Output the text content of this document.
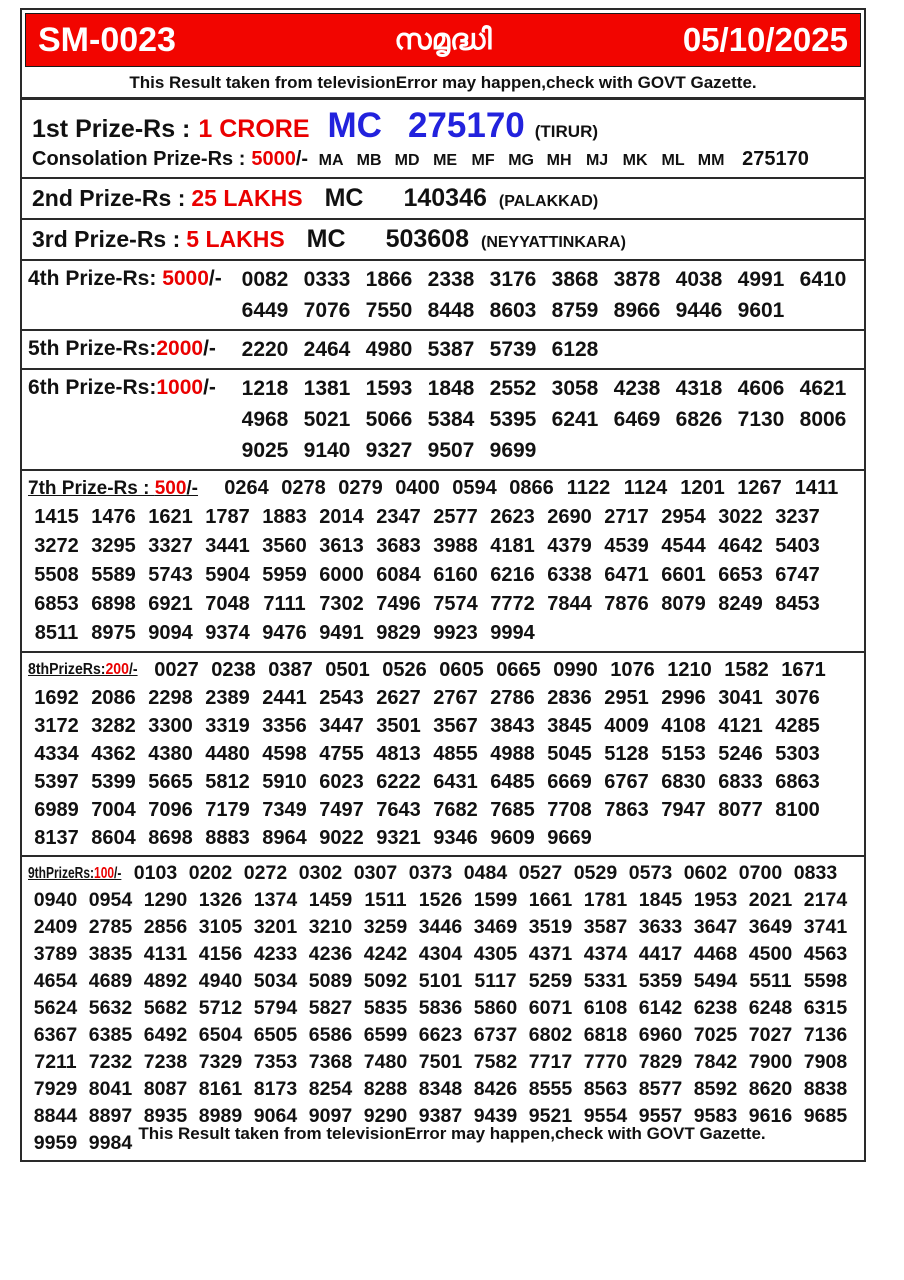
SM-0023	സമൃദ്ധി	05/10/2025
This Result taken from televisionError may happen,check with GOVT Gazette.
1st Prize-Rs : 1 CRORE MC 275170 (TIRUR)
Consolation Prize-Rs : 5000 /- MA MB MD ME MF MG MH MJ MK ML MM 275170
2nd Prize-Rs : 25 LAKHS MC 140346 (PALAKKAD)
3rd Prize-Rs : 5 LAKHS MC 503608 (NEYYATTINKARA)
4th Prize-Rs: 5000/- 0082 0333 1866 2338 3176 3868 3878 4038 4991 6410
6449 7076 7550 8448 8603 8759 8966 9446 9601
5th Prize-Rs:2000/-	2220 2464 4980 5387 5739 6128
6th Prize-Rs:1000/-	1218 1381 1593 1848 2552 3058 4238 4318 4606 4621
4968 5021 5066 5384 5395 6241 6469 6826 7130 8006
9025 9140 9327 9507 9699
7th Prize-Rs : 500/-	0264 0278 0279 0400 0594 0866 1122 1124 1201 1267 1411
1415 1476 1621 1787 1883 2014 2347 2577 2623 2690 2717 2954 3022 3237
3272 3295 3327 3441 3560 3613 3683 3988 4181 4379 4539 4544 4642 5403
5508 5589 5743 5904 5959 6000 6084 6160 6216 6338 6471 6601 6653 6747
6853 6898 6921 7048 7111 7302 7496 7574 7772 7844 7876 8079 8249 8453
8511 8975 9094 9374 9476 9491 9829 9923 9994
8thPrizeRs:200/- 0027 0238 0387 0501 0526 0605 0665 0990 1076 1210 1582 1671
1692 2086 2298 2389 2441 2543 2627 2767 2786 2836 2951 2996 3041 3076
3172 3282 3300 3319 3356 3447 3501 3567 3843 3845 4009 4108 4121 4285
4334 4362 4380 4480 4598 4755 4813 4855 4988 5045 5128 5153 5246 5303
5397 5399 5665 5812 5910 6023 6222 6431 6485 6669 6767 6830 6833 6863
6989 7004 7096 7179 7349 7497 7643 7682 7685 7708 7863 7947 8077 8100
8137 8604 8698 8883 8964 9022 9321 9346 9609 9669
9thPrizeRs:100/- 0103 0202 0272 0302 0307 0373 0484 0527 0529 0573 0602 0700 0833
0940 0954 1290 1326 1374 1459 1511 1526 1599 1661 1781 1845 1953 2021 2174
2409 2785 2856 3105 3201 3210 3259 3446 3469 3519 3587 3633 3647 3649 3741
3789 3835 4131 4156 4233 4236 4242 4304 4305 4371 4374 4417 4468 4500 4563
4654 4689 4892 4940 5034 5089 5092 5101 5117 5259 5331 5359 5494 5511 5598
5624 5632 5682 5712 5794 5827 5835 5836 5860 6071 6108 6142 6238 6248 6315
6367 6385 6492 6504 6505 6586 6599 6623 6737 6802 6818 6960 7025 7027 7136
7211 7232 7238 7329 7353 7368 7480 7501 7582 7717 7770 7829 7842 7900 7908
7929 8041 8087 8161 8173 8254 8288 8348 8426 8555 8563 8577 8592 8620 8838
8844 8897 8935 8989 9064 9097 9290 9387 9439 9521 9554 9557 9583 9616 9685
9959 9984 This Result taken from televisionError may happen,check with GOVT Gazette.
